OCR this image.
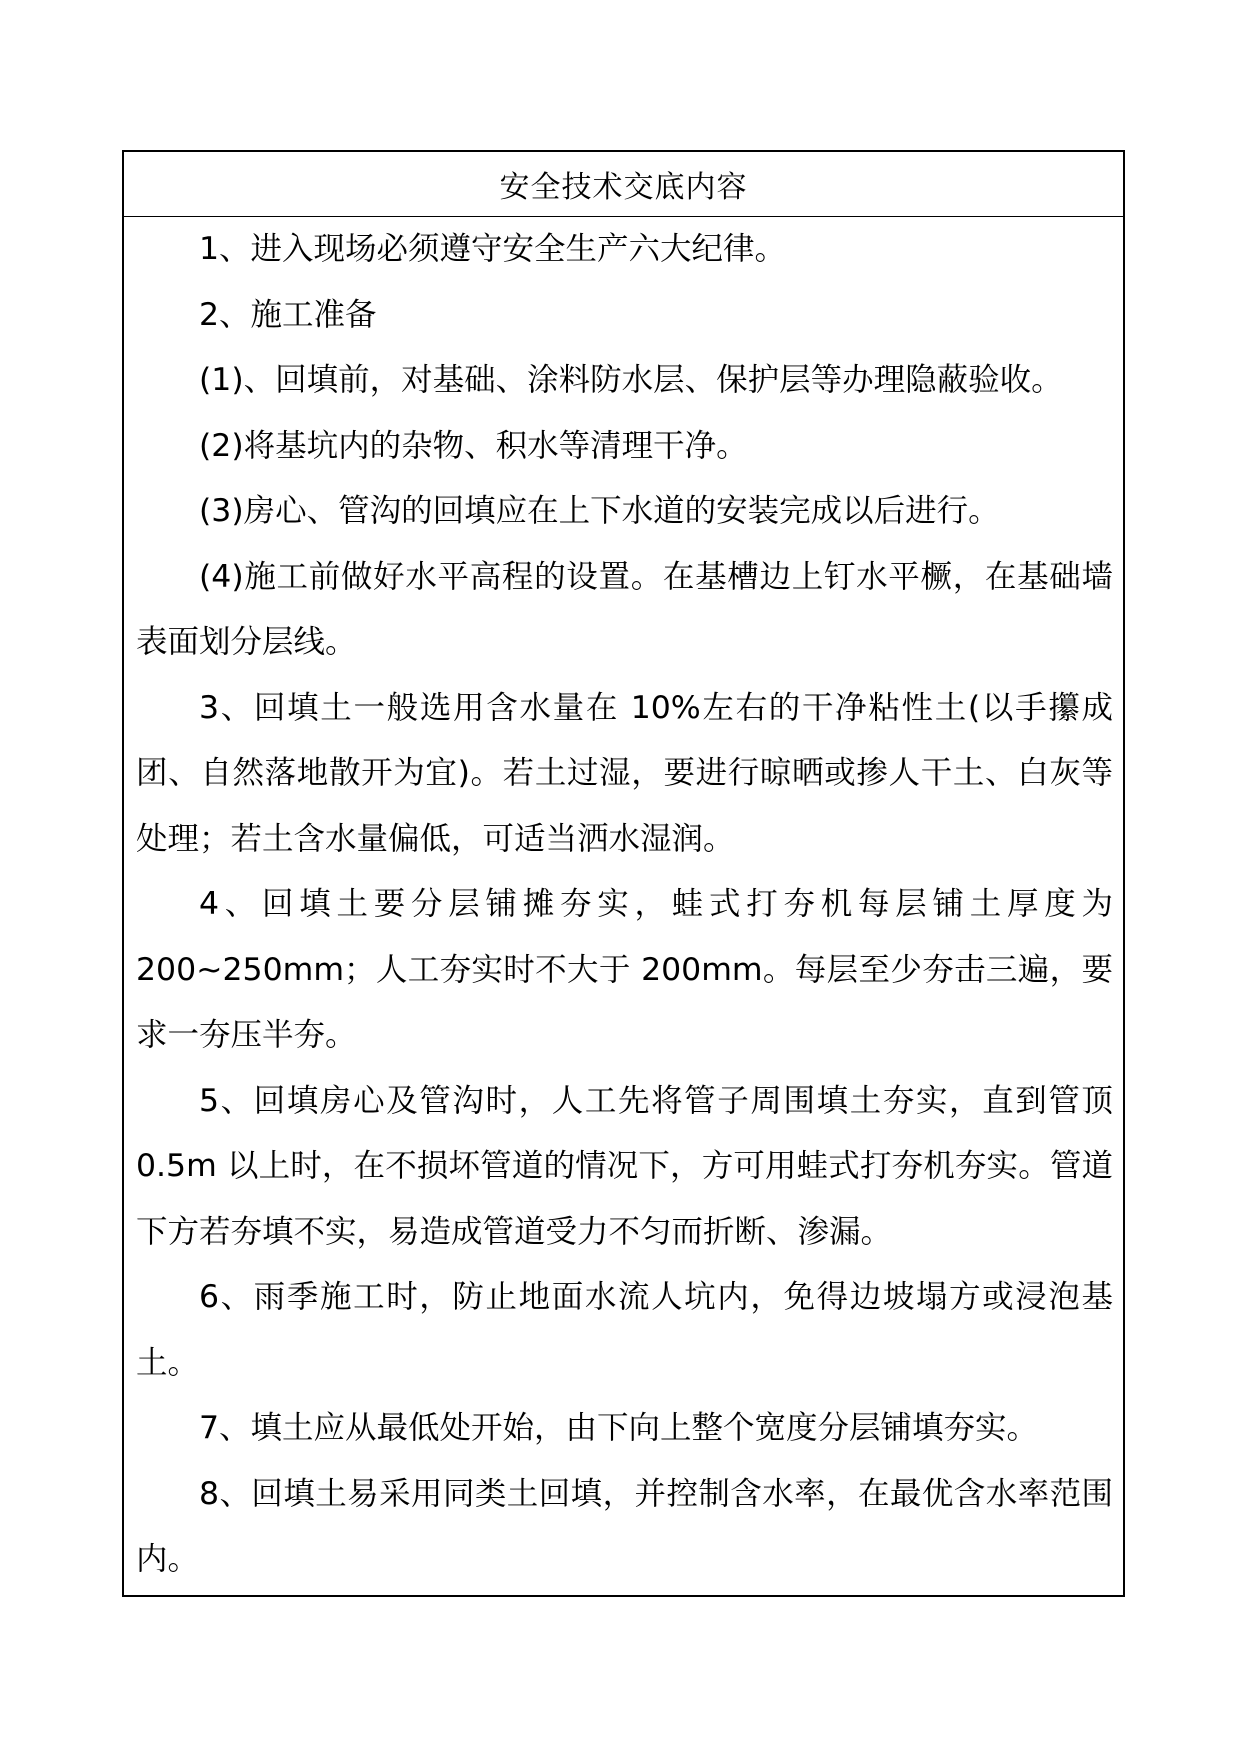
安全技术交底内容

1、进入现场必须遵守安全生产六大纪律。

2、施工准备

(1)、回填前，对基础、涂料防水层、保护层等办理隐蔽验收。

(2)将基坑内的杂物、积水等清理干净。

(3)房心、管沟的回填应在上下水道的安装完成以后进行。

(4)施工前做好水平高程的设置。在基槽边上钉水平橛，在基础墙表面划分层线。

3、回填土一般选用含水量在 10%左右的干净粘性土(以手攥成团、自然落地散开为宜)。若土过湿，要进行晾晒或掺人干土、白灰等处理；若土含水量偏低，可适当洒水湿润。

4、回填土要分层铺摊夯实，蛙式打夯机每层铺土厚度为 200~250mm；人工夯实时不大于 200mm。每层至少夯击三遍，要求一夯压半夯。

5、回填房心及管沟时，人工先将管子周围填土夯实，直到管顶 0.5m 以上时，在不损坏管道的情况下，方可用蛙式打夯机夯实。管道下方若夯填不实，易造成管道受力不匀而折断、渗漏。

6、雨季施工时，防止地面水流人坑内，免得边坡塌方或浸泡基土。

7、填土应从最低处开始，由下向上整个宽度分层铺填夯实。

8、回填土易采用同类土回填，并控制含水率，在最优含水率范围内。
